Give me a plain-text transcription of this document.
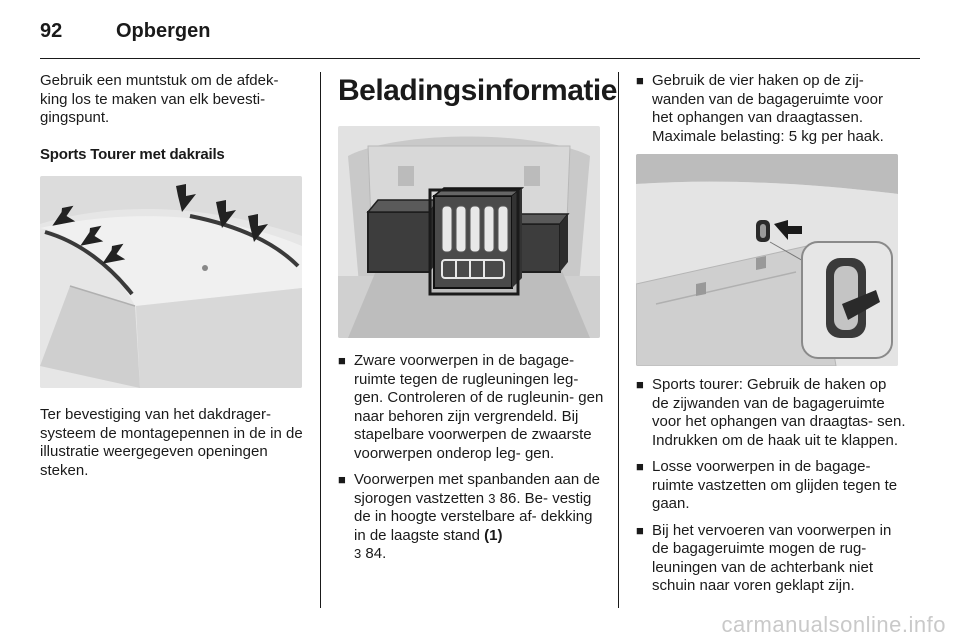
92	Opbergen

Gebruik een muntstuk om de afdek- king los te maken van elk bevesti- gingspunt.

Sports Tourer met dakrails

Ter bevestiging van het dakdrager- systeem de montagepennen in de in de illustratie weergegeven openingen steken.

Beladingsinformatie

■ Zware voorwerpen in de bagage- ruimte tegen de rugleuningen leg- gen. Controleren of de rugleunin- gen naar behoren zijn vergrendeld. Bij stapelbare voorwerpen de zwaarste voorwerpen onderop leg- gen.

■ Voorwerpen met spanbanden aan de sjorogen vastzetten 3 86. Be- vestig de in hoogte verstelbare af- dekking in de laagste stand (1)
3 84.

■ Gebruik de vier haken op de zij- wanden van de bagageruimte voor het ophangen van draagtassen. Maximale belasting: 5 kg per haak.

■ Sports tourer: Gebruik de haken op de zijwanden van de bagageruimte voor het ophangen van draagtas- sen. Indrukken om de haak uit te klappen.

■ Losse voorwerpen in de bagage- ruimte vastzetten om glijden tegen te gaan.

■ Bij het vervoeren van voorwerpen in de bagageruimte mogen de rug- leuningen van de achterbank niet schuin naar voren geklapt zijn.

carmanualsonline.info
